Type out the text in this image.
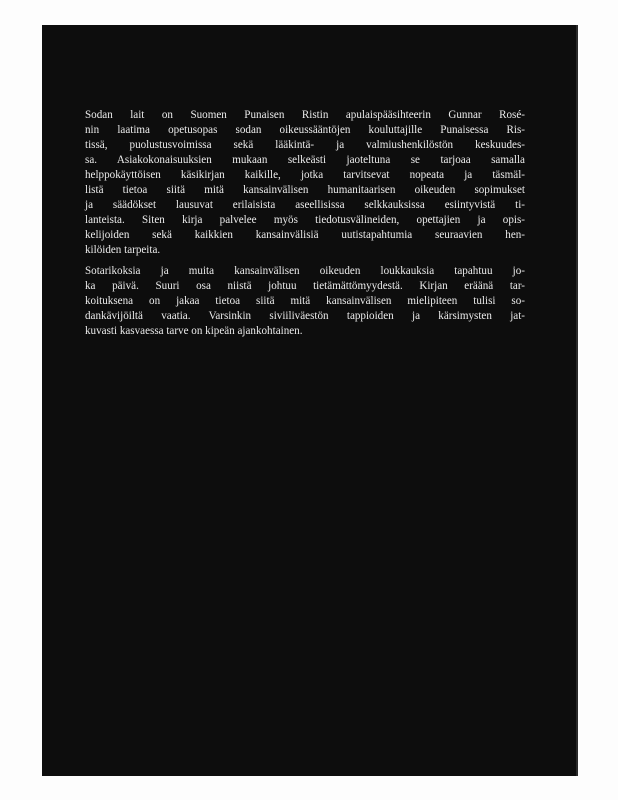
Sodan lait on Suomen Punaisen Ristin apulaispääsihteerin Gunnar Rosé-
nin laatima opetusopas sodan oikeussääntöjen kouluttajille Punaisessa Ris-
tissä, puolustusvoimissa sekä lääkintä- ja valmiushenkilöstön keskuudes-
sa. Asiakokonaisuuksien mukaan selkeästi jaoteltuna se tarjoaa samalla
helppokäyttöisen käsikirjan kaikille, jotka tarvitsevat nopeata ja täsmäl-
listä tietoa siitä mitä kansainvälisen humanitaarisen oikeuden sopimukset
ja säädökset lausuvat erilaisista aseellisissa selkkauksissa esiintyvistä ti-
lanteista. Siten kirja palvelee myös tiedotusvälineiden, opettajien ja opis-
kelijoiden sekä kaikkien kansainvälisiä uutistapahtumia seuraavien hen-
kilöiden tarpeita.
Sotarikoksia ja muita kansainvälisen oikeuden loukkauksia tapahtuu jo-
ka päivä. Suuri osa niistä johtuu tietämättömyydestä. Kirjan eräänä tar-
koituksena on jakaa tietoa siitä mitä kansainvälisen mielipiteen tulisi so-
dankävijöiltä vaatia. Varsinkin siviiliväestön tappioiden ja kärsimysten jat-
kuvasti kasvaessa tarve on kipeän ajankohtainen.
